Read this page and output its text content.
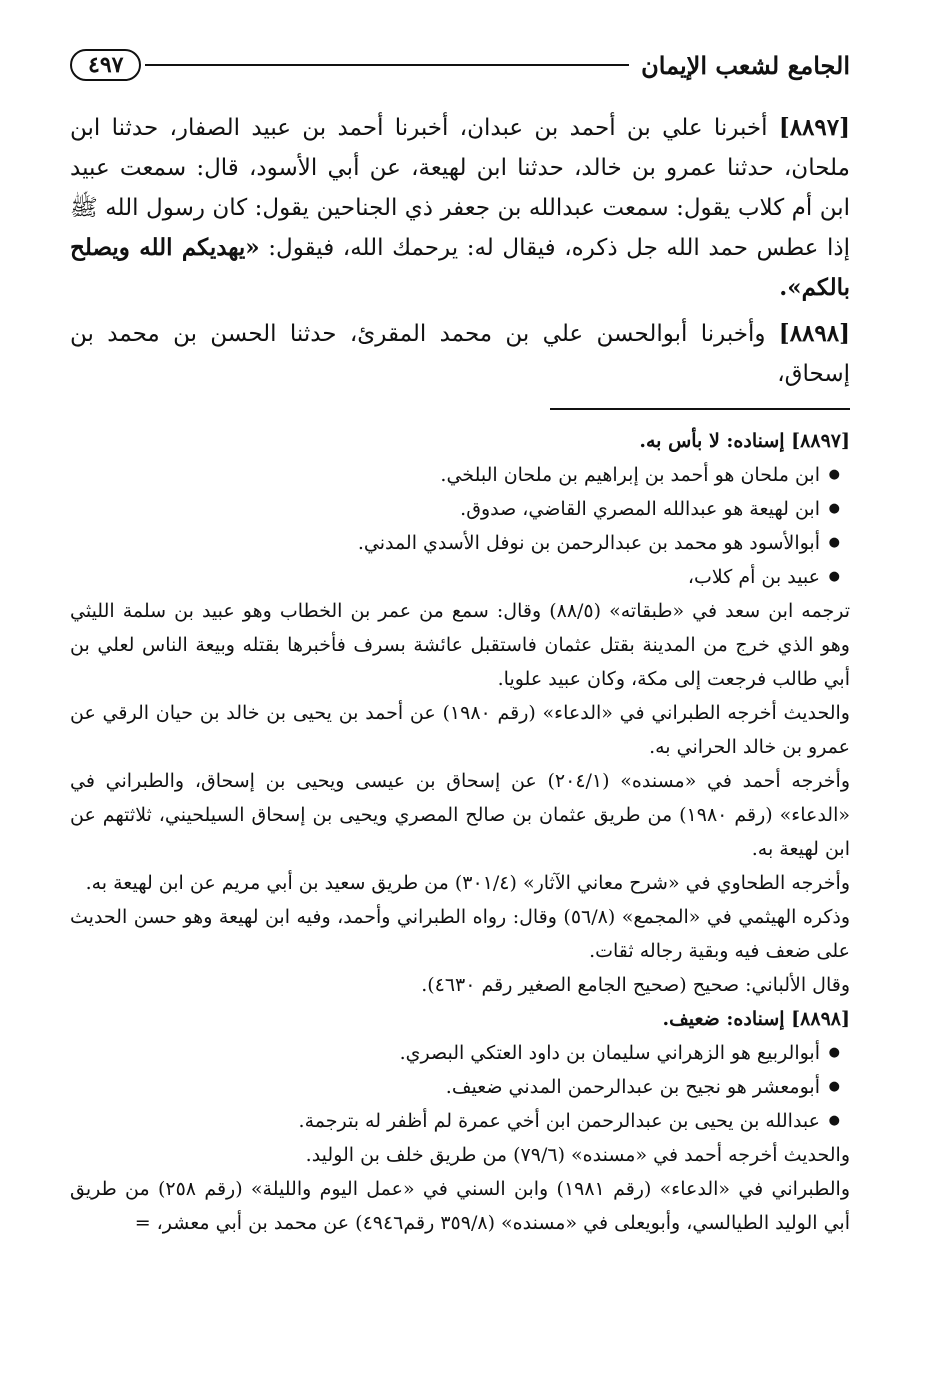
الجامع لشعب الإيمان
٤٩٧

[٨٨٩٧] أخبرنا علي بن أحمد بن عبدان، أخبرنا أحمد بن عبيد الصفار، حدثنا ابن ملحان، حدثنا عمرو بن خالد، حدثنا ابن لهيعة، عن أبي الأسود، قال: سمعت عبيد ابن أم كلاب يقول: سمعت عبدالله بن جعفر ذي الجناحين يقول: كان رسول الله ﷺ إذا عطس حمد الله جل ذكره، فيقال له: يرحمك الله، فيقول: «يهديكم الله ويصلح بالكم».

[٨٨٩٨] وأخبرنا أبوالحسن علي بن محمد المقرئ، حدثنا الحسن بن محمد بن إسحاق،

[٨٨٩٧] إسناده: لا بأس به.

● ابن ملحان هو أحمد بن إبراهيم بن ملحان البلخي.
● ابن لهيعة هو عبدالله المصري القاضي، صدوق.
● أبوالأسود هو محمد بن عبدالرحمن بن نوفل الأسدي المدني.
● عبيد بن أم كلاب،

ترجمه ابن سعد في «طبقاته» (٨٨/٥) وقال: سمع من عمر بن الخطاب وهو عبيد بن سلمة الليثي وهو الذي خرج من المدينة بقتل عثمان فاستقبل عائشة بسرف فأخبرها بقتله وبيعة الناس لعلي بن أبي طالب فرجعت إلى مكة، وكان عبيد علويا.

والحديث أخرجه الطبراني في «الدعاء» (رقم ١٩٨٠) عن أحمد بن يحيى بن خالد بن حيان الرقي عن عمرو بن خالد الحراني به.

وأخرجه أحمد في «مسنده» (٢٠٤/١) عن إسحاق بن عيسى ويحيى بن إسحاق، والطبراني في «الدعاء» (رقم ١٩٨٠) من طريق عثمان بن صالح المصري ويحيى بن إسحاق السيلحيني، ثلاثتهم عن ابن لهيعة به.

وأخرجه الطحاوي في «شرح معاني الآثار» (٣٠١/٤) من طريق سعيد بن أبي مريم عن ابن لهيعة به.

وذكره الهيثمي في «المجمع» (٥٦/٨) وقال: رواه الطبراني وأحمد، وفيه ابن لهيعة وهو حسن الحديث على ضعف فيه وبقية رجاله ثقات.

وقال الألباني: صحيح (صحيح الجامع الصغير رقم ٤٦٣٠).

[٨٨٩٨] إسناده: ضعيف.

● أبوالربيع هو الزهراني سليمان بن داود العتكي البصري.
● أبومعشر هو نجيح بن عبدالرحمن المدني ضعيف.
● عبدالله بن يحيى بن عبدالرحمن ابن أخي عمرة لم أظفر له بترجمة.

والحديث أخرجه أحمد في «مسنده» (٧٩/٦) من طريق خلف بن الوليد.

والطبراني في «الدعاء» (رقم ١٩٨١) وابن السني في «عمل اليوم والليلة» (رقم ٢٥٨) من طريق أبي الوليد الطيالسي، وأبويعلى في «مسنده» (٣٥٩/٨ رقم٤٩٤٦) عن محمد بن أبي معشر، =
